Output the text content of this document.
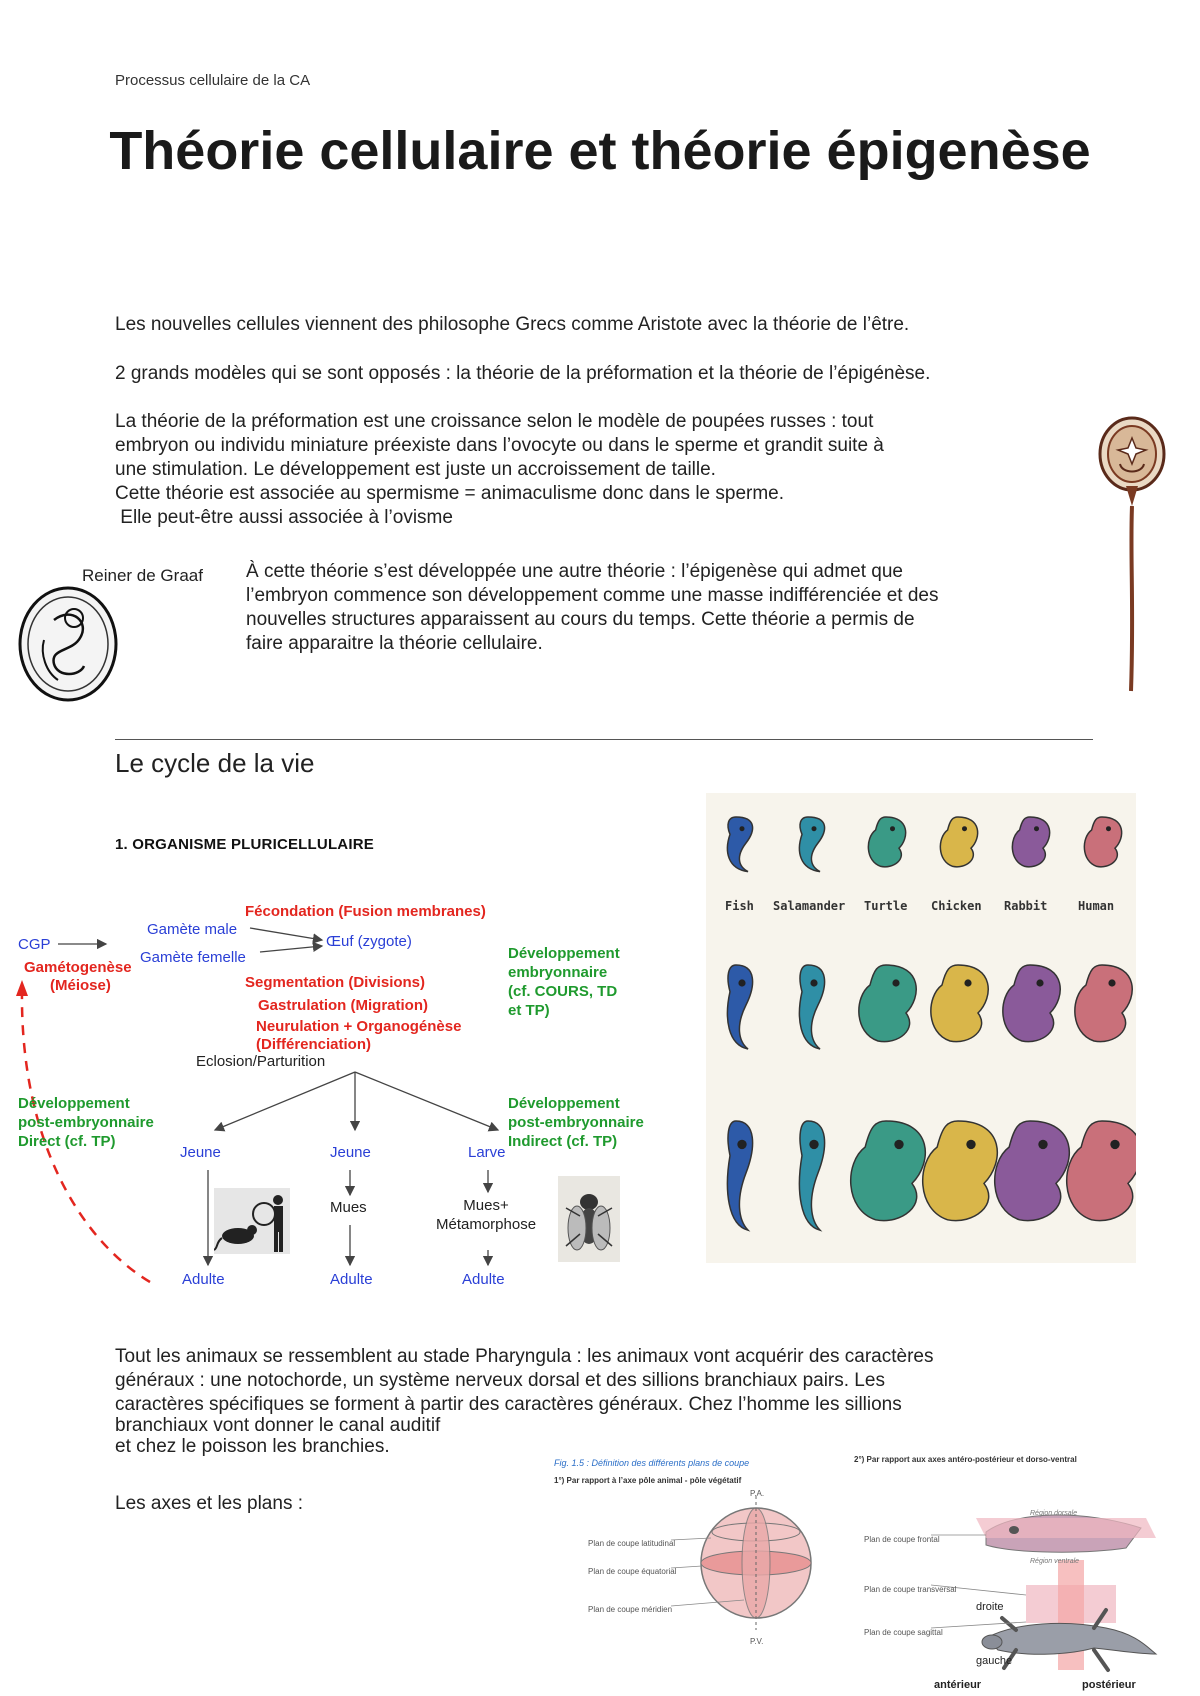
Processus cellulaire de la CA
Théorie cellulaire et théorie épigenèse
Les nouvelles cellules viennent des philosophe Grecs comme Aristote avec la théorie de l’être.
2 grands modèles qui se sont opposés : la théorie de la préformation et la théorie de l’épigénèse.
La théorie de la préformation est une croissance selon le modèle de poupées russes : tout
embryon ou individu miniature préexiste dans l’ovocyte ou dans le sperme et grandit suite à
une stimulation. Le développement est juste un accroissement de taille.
Cette théorie est associée au spermisme = animaculisme donc dans le sperme.
Elle peut-être aussi associée à l’ovisme
Reiner de Graaf À cette théorie s’est développée une autre théorie : l’épigenèse qui admet que
l’embryon commence son développement comme une masse indifférenciée et des
nouvelles structures apparaissent au cours du temps. Cette théorie a permis de
faire apparaitre la théorie cellulaire.
Le cycle de la vie
1. ORGANISME PLURICELLULAIRE
Fécondation (Fusion membranes)
Gamète male
Gamète femelle
CGP
Gamétogenèse
(Méiose)
Œuf (zygote)
Développement
embryonnaire
(cf. COURS, TD
et TP)
Segmentation (Divisions)
Gastrulation (Migration)
Neurulation + Organogénèse
(Différenciation)
Eclosion/Parturition
Développement
post-embryonnaire
Direct (cf. TP)
Développement
post-embryonnaire
Indirect (cf. TP)
Jeune	Jeune	Larve
Mues	Mues+
Métamorphose
Adulte	Adulte	Adulte
Fish Salamander Turtle Chicken Rabbit	Human
Tout les animaux se ressemblent au stade Pharyngula : les animaux vont acquérir des caractères
généraux : une notochorde, un système nerveux dorsal et des sillions branchiaux pairs. Les
caractères spécifiques se forment à partir des caractères généraux. Chez l’homme les sillions
branchiaux vont donner le canal auditif
et chez le poisson les branchies.
Les axes et les plans :
Fig. 1.5 : Définition des différents plans de coupe
1°) Par rapport à l’axe pôle animal - pôle végétatif
2°) Par rapport aux axes antéro-postérieur et dorso-ventral
P.A.
P.V.
Plan de coupe latitudinal
Plan de coupe équatorial
Plan de coupe méridien
Plan de coupe frontal
Plan de coupe transversal
Plan de coupe sagittal
Région dorsale
Région ventrale
droite
gauche
antérieur	postérieur
